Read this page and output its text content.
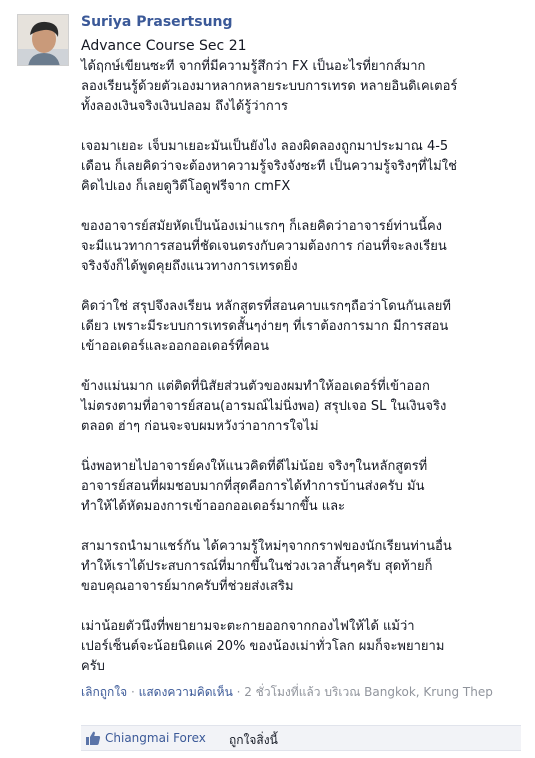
Suriya Prasertsung
Advance Course Sec 21
ได้ฤกษ์เขียนซะที จากที่มีความรู้สึกว่า FX เป็นอะไรที่ยากส์มาก
ลองเรียนรู้ด้วยตัวเองมาหลากหลายระบบการเทรด หลายอินดิเคเตอร์
ทั้งลองเงินจริงเงินปลอม ถึงได้รู้ว่าการ
เจอมาเยอะ เจ็บมาเยอะมันเป็นยังไง ลองผิดลองถูกมาประมาณ 4-5
เดือน ก็เลยคิดว่าจะต้องหาความรู้จริงจังซะที เป็นความรู้จริงๆที่ไม่ใช่
คิดไปเอง ก็เลยดูวิดีโอดูฟรีจาก cmFX
ของอาจารย์สมัยหัดเป็นน้องเม่าแรกๆ ก็เลยคิดว่าอาจารย์ท่านนี้คง
จะมีแนวทาการสอนที่ชัดเจนตรงกับความต้องการ ก่อนที่จะลงเรียน
จริงจังก็ได้พูดคุยถึงแนวทางการเทรดยิ่ง
คิดว่าใช่ สรุปจึงลงเรียน หลักสูตรที่สอนคาบแรกๆถือว่าโดนกันเลยที
เดียว เพราะมีระบบการเทรดสั้นๆง่ายๆ ที่เราต้องการมาก มีการสอน
เข้าออเดอร์และออกออเดอร์ที่คอน
ข้างแม่นมาก แต่ติดที่นิสัยส่วนตัวของผมทำให้ออเดอร์ที่เข้าออก
ไม่ตรงตามที่อาจารย์สอน(อารมณ์ไม่นิ่งพอ) สรุปเจอ SL ในเงินจริง
ตลอด ฮ่าๆ ก่อนจะจบผมหวังว่าอาการใจไม่
นิ่งพอหายไปอาจารย์คงให้แนวคิดที่ดีไม่น้อย จริงๆในหลักสูตรที่
อาจารย์สอนที่ผมชอบมากที่สุดคือการได้ทำการบ้านส่งครับ มัน
ทำให้ได้หัดมองการเข้าออกออเดอร์มากขึ้น และ
สามารถนำมาแชร์กัน ได้ความรู้ใหม่ๆจากกราฟของนักเรียนท่านอื่น
ทำให้เราได้ประสบการณ์ที่มากขึ้นในช่วงเวลาสั้นๆครับ สุดท้ายก็
ขอบคุณอาจารย์มากครับที่ช่วยส่งเสริม
เม่าน้อยตัวนึงที่พยายามจะตะกายออกจากกองไฟให้ได้ แม้ว่า
เปอร์เซ็นต์จะน้อยนิดแค่ 20% ของน้องเม่าทั่วโลก ผมก็จะพยายาม
ครับ
เลิกถูกใจ · แสดงความคิดเห็น · 2 ชั่วโมงที่แล้ว บริเวณ Bangkok, Krung Thep
Chiangmai Forex ถูกใจสิ่งนี้
